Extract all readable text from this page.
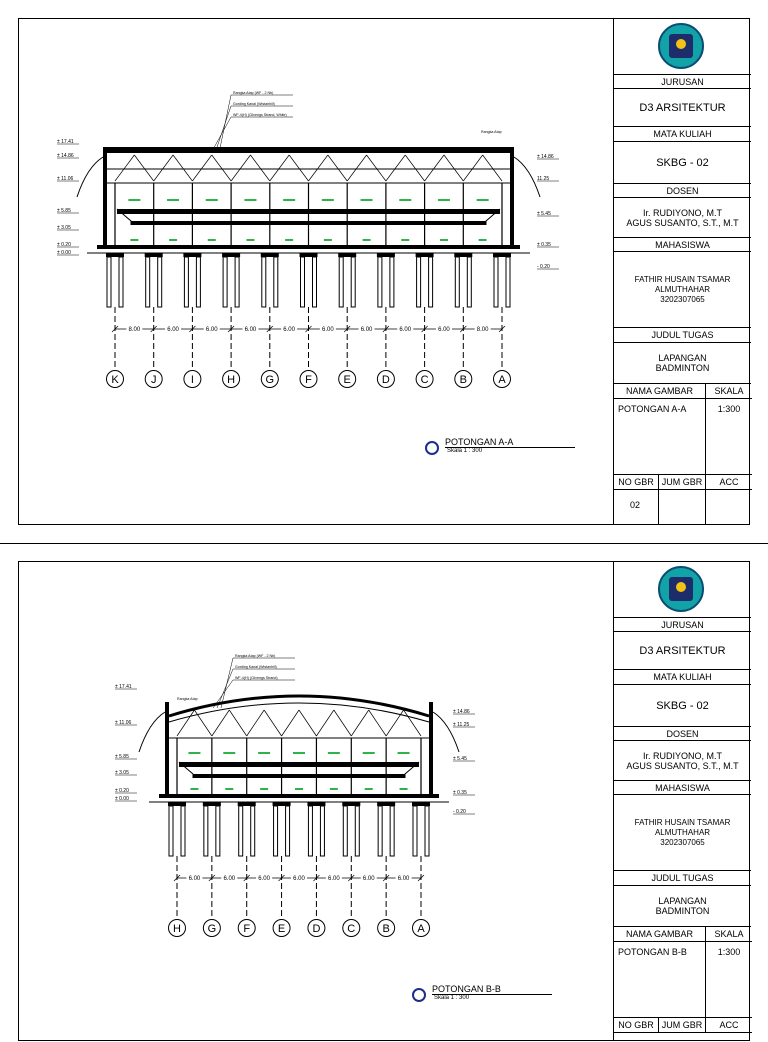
8.00	6.00	6.00	6.00	6.00	6.00	6.00	6.00	6.00	8.00
K	J	I	H	G	F	E	D	C	B	A
± 17.41
± 14.86
± 11.06
± 5.85
± 3.05
± 0.20
± 0.00
± 14.86
11.25
± 5.45
± 0.35
- 0.20
Rangka Atap (WF - 2 Nb)
Gording Kanal (Wistanhill)
WF-4(H) (Cilvengs Strand, White)
Rangka Atap
POTONGAN A-A
Skala 1 : 300
JURUSAN
D3 ARSITEKTUR
MATA KULIAH
SKBG - 02
DOSEN
Ir. RUDIYONO, M.T
AGUS SUSANTO, S.T., M.T
MAHASISWA
FATHIR HUSAIN TSAMAR
ALMUTHAHAR
3202307065
JUDUL TUGAS
LAPANGAN
BADMINTON
NAMA GAMBAR	SKALA
POTONGAN A-A	1:300
NO GBR JUM GBR	ACC
02
6.00	6.00	6.00	6.00	6.00	6.00	6.00
H G F	E D C B	A
± 17.41
± 11.06
± 5.85
± 3.05
± 0.20
± 0.00
± 14.86
± 11.25
± 5.45
± 0.35
- 0.20
Rangka Atap (WF - 2 Nb)
Gording Kanal (Wistanhill)
WF-4(H) (Cilvengs Strand)
Rangka Atap
POTONGAN B-B
Skala 1 : 300
JURUSAN
D3 ARSITEKTUR
MATA KULIAH
SKBG - 02
DOSEN
Ir. RUDIYONO, M.T
AGUS SUSANTO, S.T., M.T
MAHASISWA
FATHIR HUSAIN TSAMAR
ALMUTHAHAR
3202307065
JUDUL TUGAS
LAPANGAN
BADMINTON
NAMA GAMBAR	SKALA
POTONGAN B-B	1:300
NO GBR JUM GBR	ACC
